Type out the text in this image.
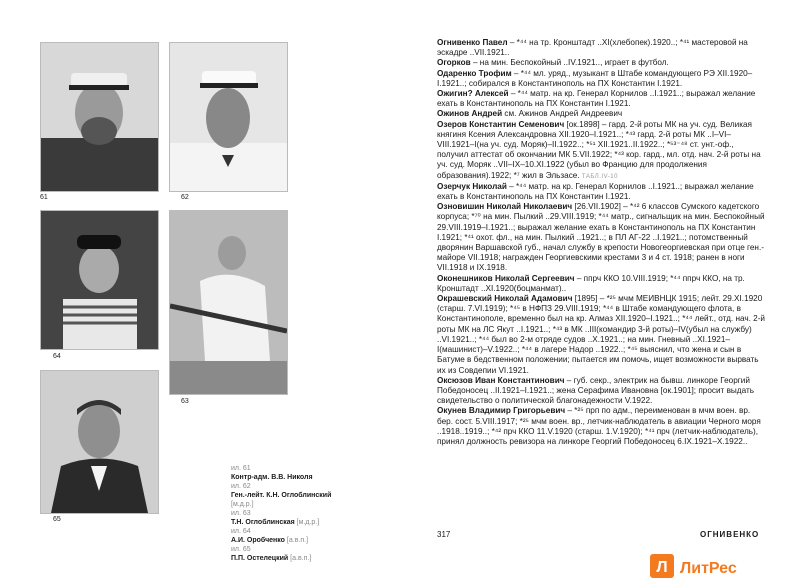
61	62
64
63
65
ил. 61
Контр-адм. В.В. Николя
ил. 62
Ген.-лейт. К.Н. Оглоблинский
[м.д.р.]
ил. 63
Т.Н. Оглоблинская [м.д.р.]
ил. 64
А.И. Оробченко [а.в.п.]
ил. 65
П.П. Остелецкий [а.в.п.]

Огнивенко Павел – *⁴⁴ на тр. Кронштадт ..XI(хлебопек).1920..; *⁴¹ мастеровой на эскадре ..VII.1921..

Огорков – на мин. Беспокойный ..IV.1921.., играет в футбол.

Одаренко Трофим – *⁴⁴ мл. уряд., музыкант в Штабе командующего РЭ XII.1920–I.1921..; собирался в Константинополь на ПХ Константин I.1921.

Ожигин? Алексей – *⁴⁴ матр. на кр. Генерал Корнилов ..I.1921..; выражал желание ехать в Константинополь на ПХ Константин I.1921.

Ожинов Андрей см. Ажинов Андрей Андреевич

Озеров Константин Семенович [ок.1898] – гард. 2-й роты МК на уч. суд. Великая княгиня Ксения Александровна XII.1920–I.1921..; *⁴³ гард. 2-й роты МК ..I–VI–VIII.1921–I(на уч. суд. Моряк)–II.1922..; *⁵¹ XII.1921..II.1922..; *⁵³⁻⁴⁸ ст. унт.-оф., получил аттестат об окончании МК 5.VII.1922; *⁴³ кор. гард., мл. отд. нач. 2-й роты на уч. суд. Моряк ..VII–IX–10.XI.1922 (убыл во Францию для продолжения образования).1922; *⁷ жил в Эльзасе. ТАБЛ.IV-10

Озерчук Николай – *⁴⁴ матр. на кр. Генерал Корнилов ..I.1921..; выражал желание ехать в Константинополь на ПХ Константин I.1921.

Озновишин Николай Николаевич [26.VII.1902] – *⁴² 6 классов Сумского кадетского корпуса; *⁷⁰ на мин. Пылкий ..29.VIII.1919; *⁴⁴ матр., сигнальщик на мин. Беспокойный 29.VIII.1919–I.1921..; выражал желание ехать в Константинополь на ПХ Константин I.1921; *⁴¹ охот. фл., на мин. Пылкий ..1921..; в ПЛ АГ-22 ..I.1921..; потомственный дворянин Варшавской губ., начал службу в крепости Новогеоргиевская при отце ген.-майоре VII.1918; награжден Георгиевскими крестами 3 и 4 ст. 1918; ранен в ноги VII.1918 и IX.1918.

Оконешников Николай Сергеевич – ппрч ККО 10.VIII.1919; *⁴⁴ ппрч ККО, на тр. Кронштадт ..XI.1920(боцманмат)..

Окрашевский Николай Адамович [1895] – *²⁵ мчм МЕИВНЦК 1915; лейт. 29.XI.1920 (старш. 7.VI.1919); *⁴⁵ в НФПЗ 29.VIII.1919; *⁴⁴ в Штабе командующего флота, в Константинополе, временно был на кр. Алмаз XII.1920–I.1921..; *⁴⁴ лейт., отд. нач. 2-й роты МК на ЛС Якут ..I.1921..; *⁴³ в МК ..III(командир 3-й роты)–IV(убыл на службу) ..VI.1921..; *⁴⁴ был во 2-м отряде судов ..X.1921..; на мин. Гневный ..XI.1921–I(машинист)–V.1922..; *⁴⁴ в лагере Надор ..1922..; *⁴⁵ выяснил, что жена и сын в Батуме в бедственном положении; пытается им помочь, ищет возможности вырвать их из Совдепии VI.1921.

Оксюзов Иван Константинович – губ. секр., электрик на бывш. линкоре Георгий Победоносец ..II.1921–I.1921..; жена Серафима Ивановна [ок.1901]; просит выдать свидетельство о политической благонадежности V.1922.

Окунев Владимир Григорьевич – *²⁵ прп по адм., переименован в мчм воен. вр. бер. сост. 5.VIII.1917; *²⁵ мчм воен. вр., летчик-наблюдатель в авиации Черного моря ..1918..1919..; *⁴² прч ККО 11.V.1920 (старш. 1.V.1920); *⁴¹ прч (летчик-наблюдатель), принял должность ревизора на линкоре Георгий Победоносец 6.IX.1921–X.1922..

317	ОГНИВЕНКО
Л ЛитРес
